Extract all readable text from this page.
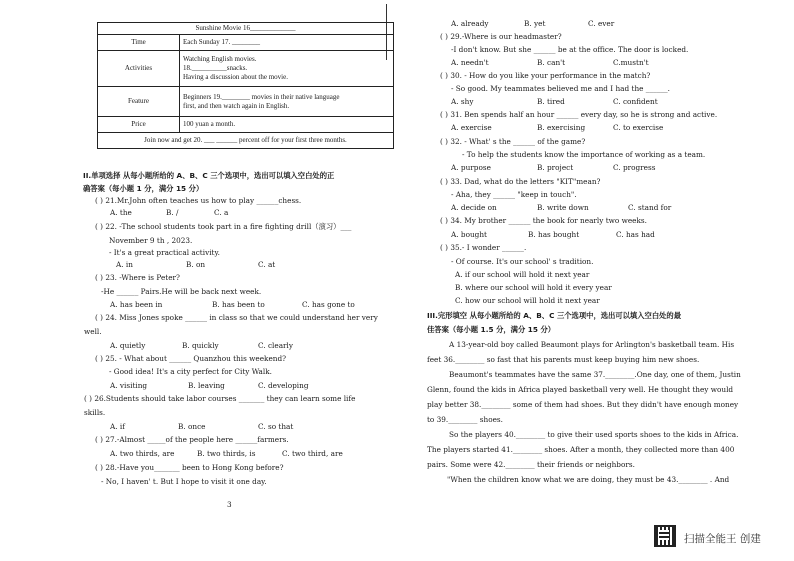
Sunshine Movie 16_____________	
Time	Each Sunday 17. ________
Activities	Watching English movies.
18.__________snacks.
Having a discussion about the movie.

Feature	Beginners 19.________ movies in their native language
first, and then watch again in English.

Price	100 yuan a month.
Join now and get 20. ___ ______ percent off for your first three months.	
II.单项选择 从每小题所给的 A、B、C 三个选项中，选出可以填入空白处的正
确答案（每小题 1 分，满分 15 分）
( ) 21.Mr.John often teaches us how to play ______chess.
A. the	B. /	C. a
( ) 22. -The school students took part in a fire fighting drill（演习）___
November 9 th , 2023.
- It's a great practical activity.
A. in	B. on	C. at
( ) 23. -Where is Peter?
-He ______ Pairs.He will be back next week.
A. has been in	B. has been to	C. has gone to
( ) 24. Miss Jones spoke ______ in class so that we could understand her very
well.
A. quietly	B. quickly	C. clearly
( ) 25. - What about ______ Quanzhou this weekend?
- Good idea! It's a city perfect for City Walk.
A. visiting	B. leaving	C. developing
( ) 26.Students should take labor courses _______ they can learn some life
skills.
A. if	B. once	C. so that
( ) 27.-Almost _____of the people here ______farmers.
A. two thirds, are	B. two thirds, is	C. two third, are
( ) 28.-Have you_______ been to Hong Kong before?
- No, I haven' t. But I hope to visit it one day.
3
A. already	B. yet	C. ever
( ) 29.-Where is our headmaster?
-I don't know. But she ______ be at the office. The door is locked.
A. needn't	B. can't	C.mustn't
( ) 30. - How do you like your performance in the match?
- So good. My teammates believed me and I had the ______.
A. shy	B. tired	C. confident
( ) 31. Ben spends half an hour ______ every day, so he is strong and active.
A. exercise	B. exercising	C. to exercise
( ) 32. - What' s the ______ of the game?
- To help the students know the importance of working as a team.
A. purpose	B. project	C. progress
( ) 33. Dad, what do the letters "KIT"mean?
- Aha, they ______ "keep in touch".
A. decide on	B. write down	C. stand for
( ) 34. My brother ______ the book for nearly two weeks.
A. bought	B. has bought	C. has had
( ) 35.- I wonder ______.
- Of course. It's our school' s tradition.
A. if our school will hold it next year
B. where our school will hold it every year
C. how our school will hold it next year
III.完形填空 从每小题所给的 A、B、C 三个选项中，选出可以填入空白处的最
佳答案（每小题 1.5 分，满分 15 分）
A 13-year-old boy called Beaumont plays for Arlington's basketball team. His
feet 36.________ so fast that his parents must keep buying him new shoes.
Beaumont's teammates have the same 37.________.One day, one of them, Justin
Glenn, found the kids in Africa played basketball very well. He thought they would
play better 38.________ some of them had shoes. But they didn't have enough money
to 39.________ shoes.
So the players 40.________ to give their used sports shoes to the kids in Africa.
The players started 41.________ shoes. After a month, they collected more than 400
pairs. Some were 42.________ their friends or neighbors.
"When the children know what we are doing, they must be 43.________ . And
扫描全能王 创建
